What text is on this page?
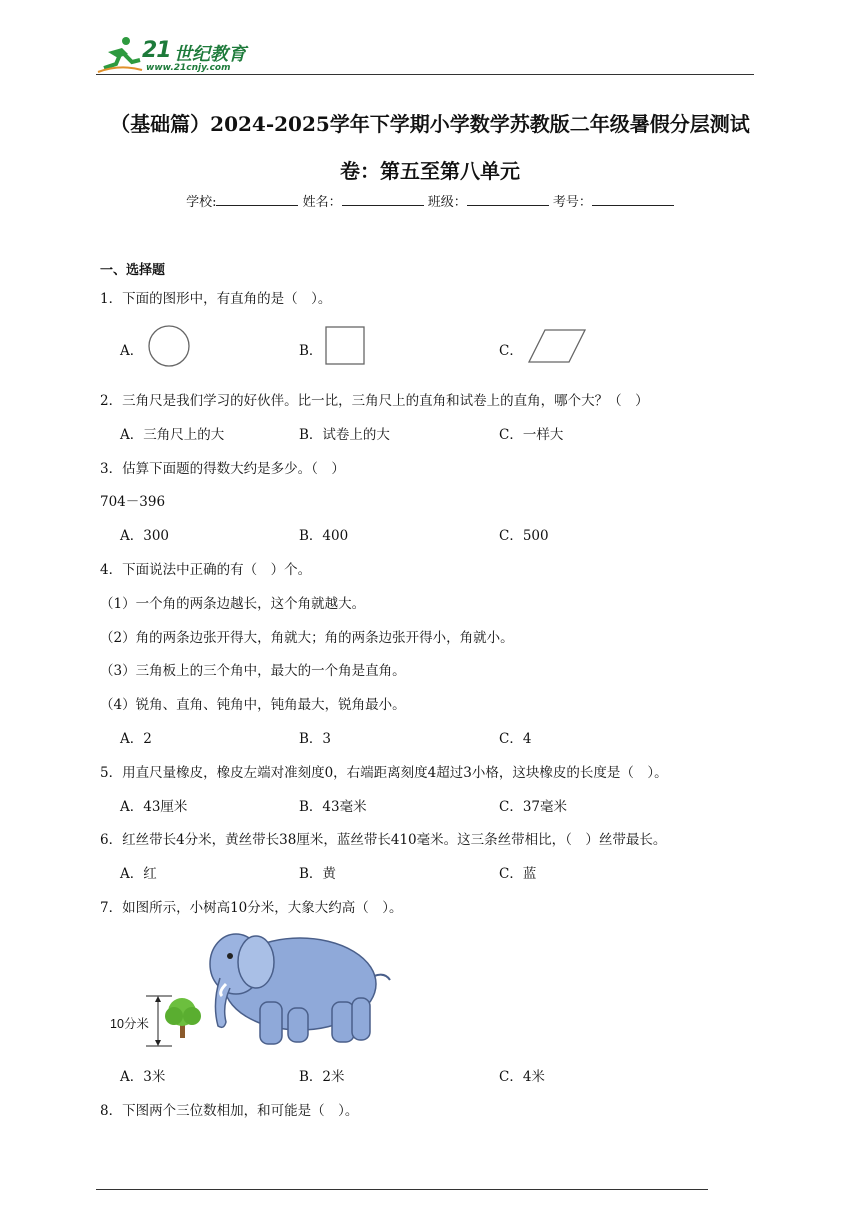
21 世纪教育
www.21cnjy.com
（基础篇）2024-2025学年下学期小学数学苏教版二年级暑假分层测试
卷：第五至第八单元
学校:	姓名：	班级：	考号：
一、选择题
1．下面的图形中，有直角的是（　）。
A．	B．	C．
2．三角尺是我们学习的好伙伴。比一比，三角尺上的直角和试卷上的直角，哪个大？（　）
A．三角尺上的大	B．试卷上的大	C．一样大
3．估算下面题的得数大约是多少。（　）
704－396
A．300	B．400	C．500
4．下面说法中正确的有（　）个。
（1）一个角的两条边越长，这个角就越大。
（2）角的两条边张开得大，角就大；角的两条边张开得小，角就小。
（3）三角板上的三个角中，最大的一个角是直角。
（4）锐角、直角、钝角中，钝角最大，锐角最小。
A．2	B．3	C．4
5．用直尺量橡皮，橡皮左端对准刻度0，右端距离刻度4超过3小格，这块橡皮的长度是（　）。
A．43厘米	B．43毫米	C．37毫米
6．红丝带长4分米，黄丝带长38厘米，蓝丝带长410毫米。这三条丝带相比，（　）丝带最长。
A．红	B．黄	C．蓝
7．如图所示，小树高10分米，大象大约高（　）。
10分米
A．3米	B．2米	C．4米
8．下图两个三位数相加，和可能是（　）。
